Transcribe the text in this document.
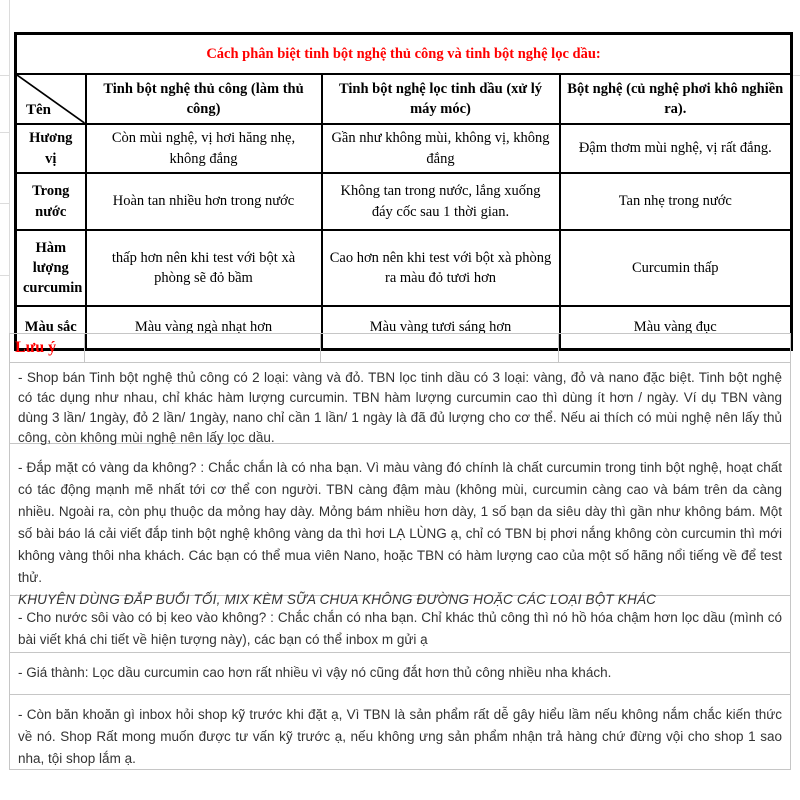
Cách phân biệt tinh bột nghệ thủ công và tinh bột nghệ lọc dầu:			

Tên	Tinh bột nghệ thủ công (làm thủ công)	Tinh bột nghệ lọc tinh dầu (xử lý máy móc)	Bột nghệ (củ nghệ phơi khô nghiền ra).
Hương vị	Còn mùi nghệ, vị hơi hăng nhẹ, không đắng	Gần như không mùi, không vị, không đắng	Đậm thơm mùi nghệ, vị rất đắng.
Trong nước	Hoàn tan nhiều hơn trong nước	Không tan trong nước, lắng xuống đáy cốc sau 1 thời gian.	Tan nhẹ trong nước
Hàm lượng curcumin	thấp hơn nên khi test với bột xà phòng sẽ đỏ bầm	Cao hơn nên khi test với bột xà phòng ra màu đỏ tươi hơn	Curcumin thấp
Màu sắc	Màu vàng ngà nhạt hơn	Màu vàng tươi sáng hơn	Màu vàng đục
Lưu ý

- Shop bán Tinh bột nghệ thủ công có 2 loại: vàng và đỏ. TBN lọc tinh dầu có 3 loại: vàng, đỏ và nano đặc biệt. Tinh bột nghệ có tác dụng như nhau, chỉ khác hàm lượng curcumin. TBN hàm lượng curcumin cao thì dùng ít hơn / ngày. Ví dụ TBN vàng dùng 3 lần/ 1ngày, đỏ 2 lần/ 1ngày, nano chỉ cần 1 lần/ 1 ngày là đã đủ lượng cho cơ thể. Nếu ai thích có mùi nghệ nên lấy thủ công, còn không mùi nghệ nên lấy lọc dầu.

- Đắp mặt có vàng da không? : Chắc chắn là có nha bạn. Vì màu vàng đó chính là chất curcumin trong tinh bột nghệ, hoạt chất có tác động mạnh mẽ nhất tới cơ thể con người. TBN càng đậm màu (không mùi, curcumin càng cao và bám trên da càng nhiều. Ngoài ra, còn phụ thuộc da mỏng hay dày. Mỏng bám nhiều hơn dày, 1 số bạn da siêu dày thì gần như không bám. Một số bài báo lá cải viết đắp tinh bột nghệ không vàng da thì hơi LẠ LÙNG ạ, chỉ có TBN bị phơi nắng không còn curcumin thì mới không vàng thôi nha khách. Các bạn có thể mua viên Nano, hoặc TBN có hàm lượng cao của một số hãng nổi tiếng về để test thử.

KHUYÊN DÙNG ĐẮP BUỔI TỐI, MIX KÈM SỮA CHUA KHÔNG ĐƯỜNG HOẶC CÁC LOẠI BỘT KHÁC

- Cho nước sôi vào có bị keo vào không? : Chắc chắn có nha bạn. Chỉ khác thủ công thì nó hồ hóa chậm hơn lọc dầu (mình có bài viết khá chi tiết về hiện tượng này), các bạn có thể inbox m gửi ạ

- Giá thành: Lọc dầu curcumin cao hơn rất nhiều vì vậy nó cũng đắt hơn thủ công nhiều nha khách.

- Còn băn khoăn gì inbox hỏi shop kỹ trước khi đặt ạ, Vì TBN là sản phẩm rất dễ gây hiểu lầm nếu không nắm chắc kiến thức về nó. Shop Rất mong muốn được tư vấn kỹ trước ạ, nếu không ưng sản phẩm nhận trả hàng chứ đừng vội cho shop 1 sao nha, tội shop lắm ạ.
